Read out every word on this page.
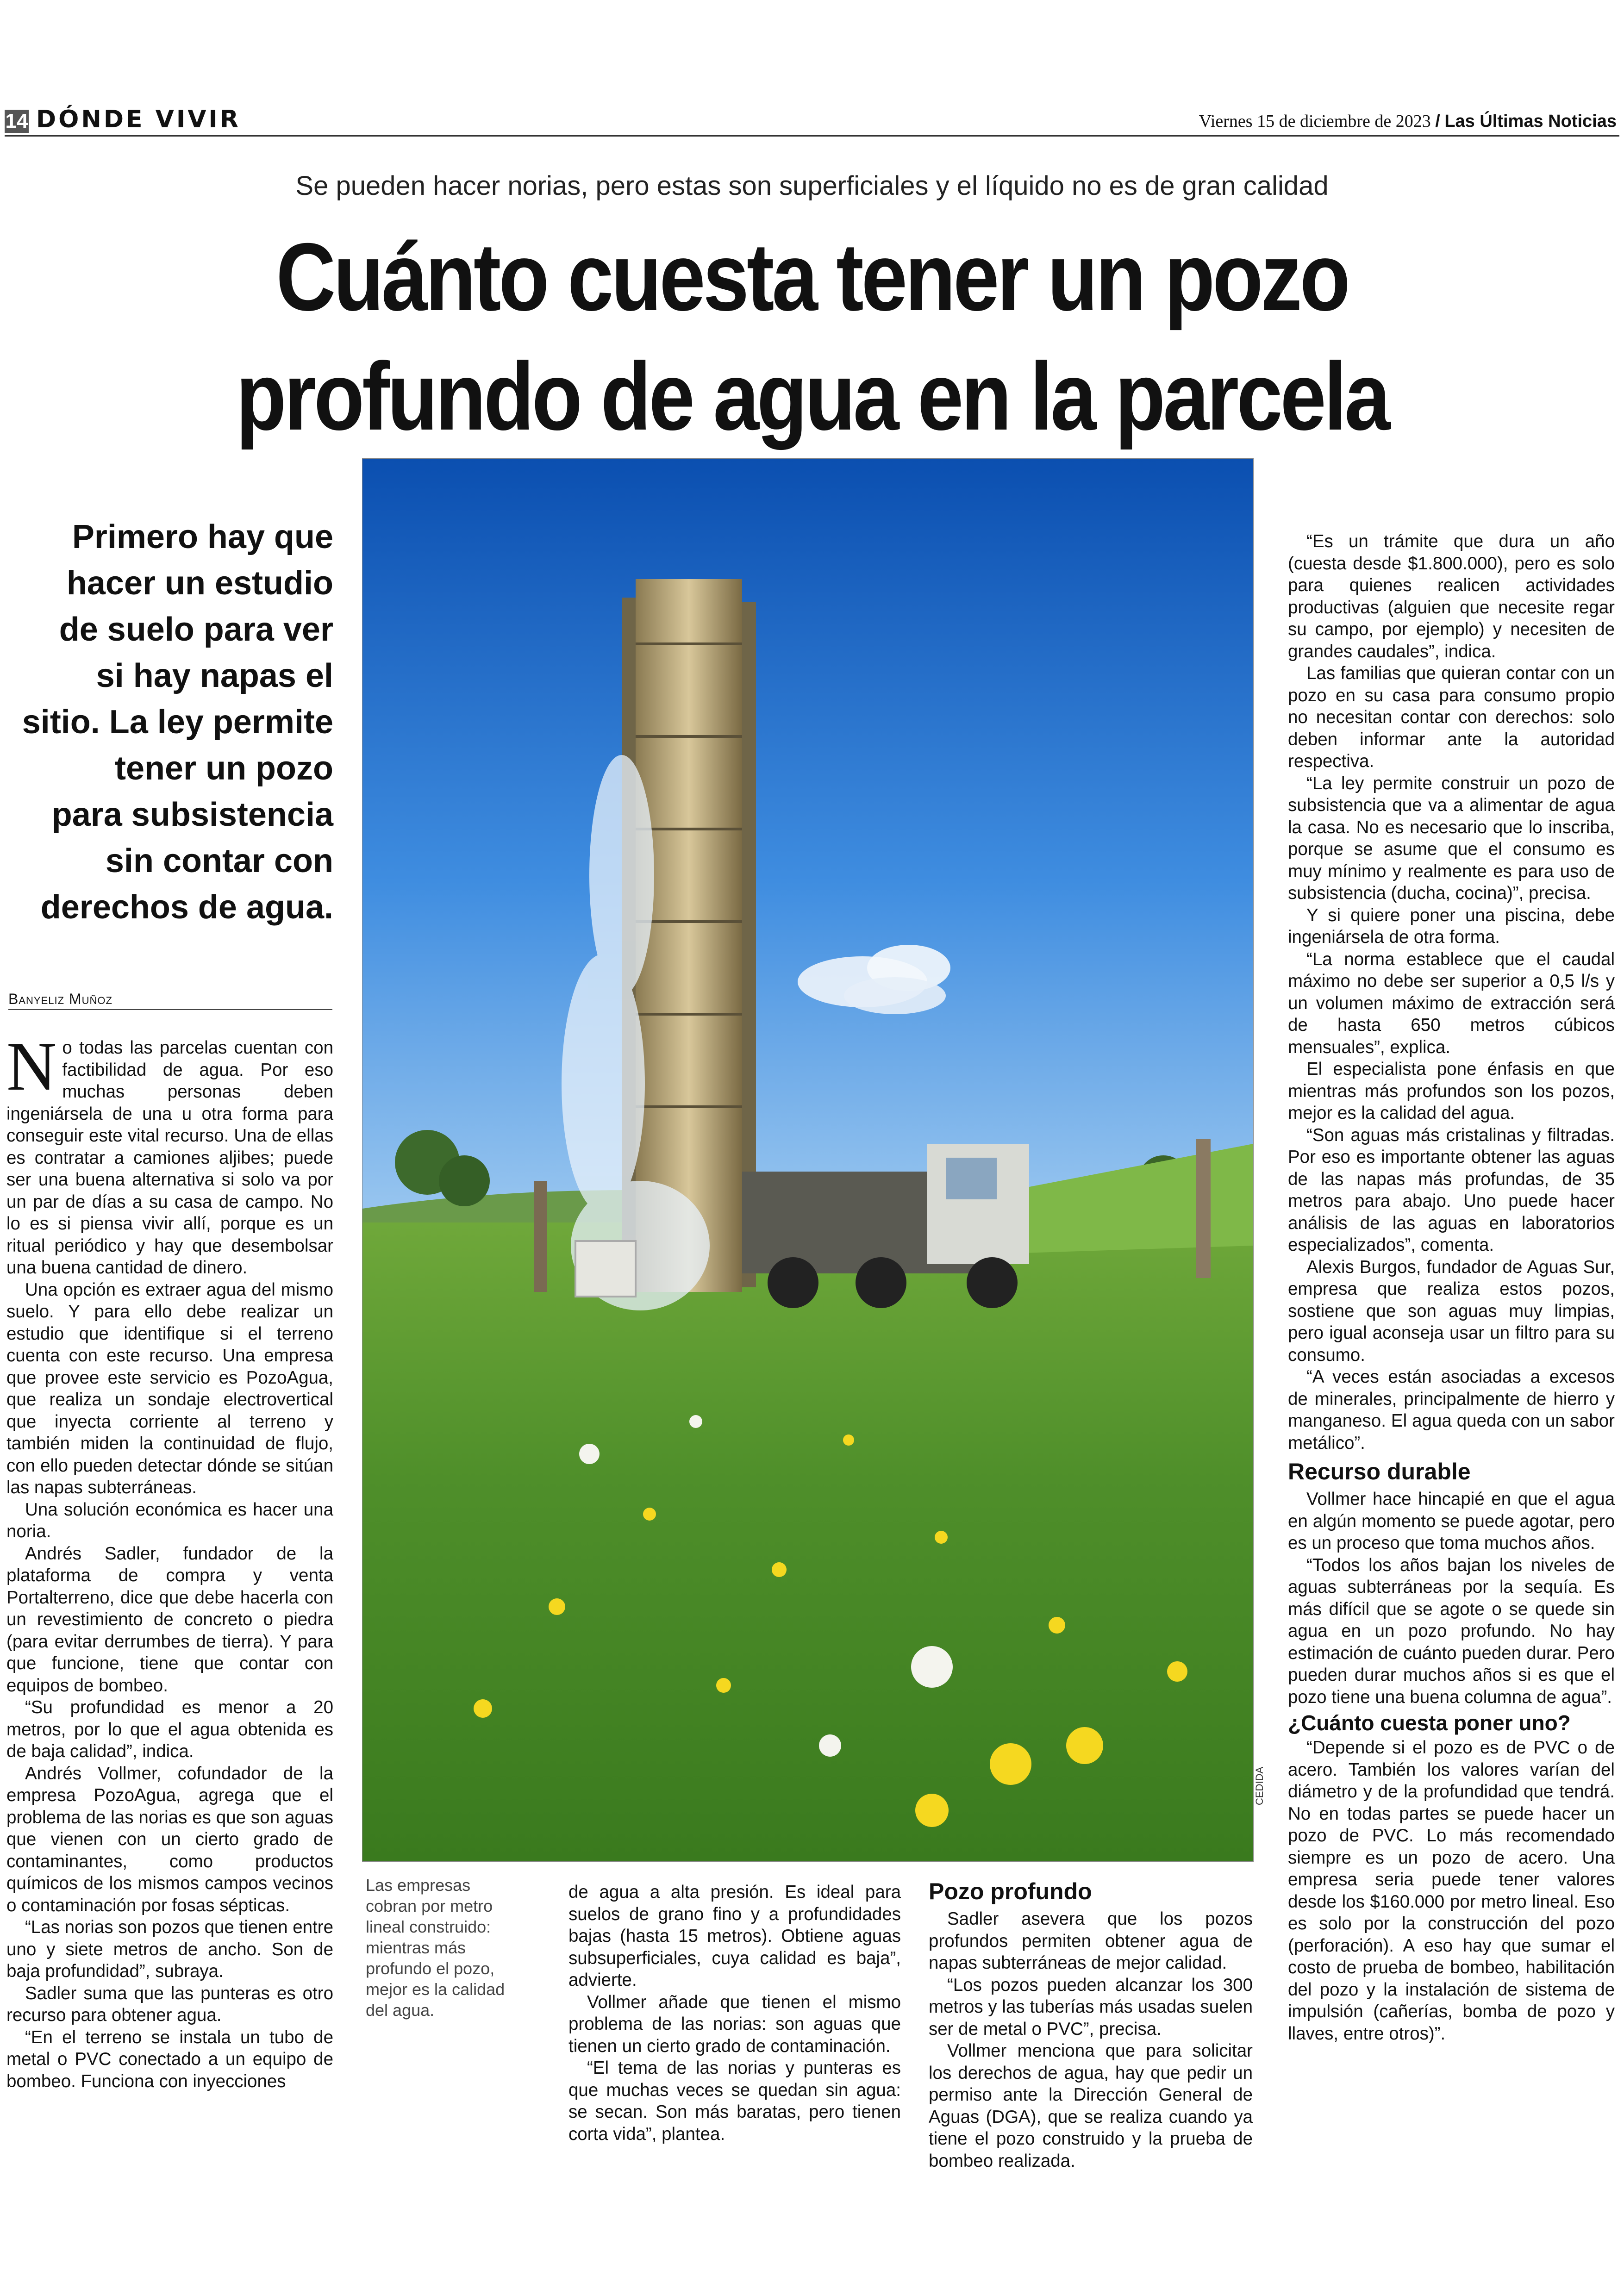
14 DÓNDE VIVIR	Viernes 15 de diciembre de 2023 / Las Últimas Noticias
Se pueden hacer norias, pero estas son superficiales y el líquido no es de gran calidad
Cuánto cuesta tener un pozo
profundo de agua en la parcela
Primero hay que
hacer un estudio
de suelo para ver
si hay napas el
sitio. La ley permite
tener un pozo
para subsistencia
sin contar con
derechos de agua.
Banyeliz Muñoz

No todas las parcelas cuentan con factibilidad de agua. Por eso muchas personas deben ingeniársela de una u otra forma para conseguir este vital recurso. Una de ellas es contratar a camiones aljibes; puede ser una buena alternativa si solo va por un par de días a su casa de campo. No lo es si piensa vivir allí, porque es un ritual periódico y hay que desembolsar una buena cantidad de dinero.

Una opción es extraer agua del mismo suelo. Y para ello debe realizar un estudio que identifique si el terreno cuenta con este recurso. Una empresa que provee este servicio es PozoAgua, que realiza un sondaje electrovertical que inyecta corriente al terreno y también miden la continuidad de flujo, con ello pueden detectar dónde se sitúan las napas subterráneas.

Una solución económica es hacer una noria.

Andrés Sadler, fundador de la plataforma de compra y venta Portalterreno, dice que debe hacerla con un revestimiento de concreto o piedra (para evitar derrumbes de tierra). Y para que funcione, tiene que contar con equipos de bombeo.

“Su profundidad es menor a 20 metros, por lo que el agua obtenida es de baja calidad”, indica.

Andrés Vollmer, cofundador de la empresa PozoAgua, agrega que el problema de las norias es que son aguas que vienen con un cierto grado de contaminantes, como productos químicos de los mismos campos vecinos o contaminación por fosas sépticas.

“Las norias son pozos que tienen entre uno y siete metros de ancho. Son de baja profundidad”, subraya.

Sadler suma que las punteras es otro recurso para obtener agua.

“En el terreno se instala un tubo de metal o PVC conectado a un equipo de bombeo. Funciona con inyecciones

CEDIDA
Las empresas cobran por metro lineal construido: mientras más profundo el pozo, mejor es la calidad del agua.

de agua a alta presión. Es ideal para suelos de grano fino y a profundidades bajas (hasta 15 metros). Obtiene aguas subsuperficiales, cuya calidad es baja”, advierte.

Vollmer añade que tienen el mismo problema de las norias: son aguas que tienen un cierto grado de contaminación.

“El tema de las norias y punteras es que muchas veces se quedan sin agua: se secan. Son más baratas, pero tienen corta vida”, plantea.

Pozo profundo

Sadler asevera que los pozos profundos permiten obtener agua de napas subterráneas de mejor calidad.

“Los pozos pueden alcanzar los 300 metros y las tuberías más usadas suelen ser de metal o PVC”, precisa.

Vollmer menciona que para solicitar los derechos de agua, hay que pedir un permiso ante la Dirección General de Aguas (DGA), que se realiza cuando ya tiene el pozo construido y la prueba de bombeo realizada.

“Es un trámite que dura un año (cuesta desde $1.800.000), pero es solo para quienes realicen actividades productivas (alguien que necesite regar su campo, por ejemplo) y necesiten de grandes caudales”, indica.

Las familias que quieran contar con un pozo en su casa para consumo propio no necesitan contar con derechos: solo deben informar ante la autoridad respectiva.

“La ley permite construir un pozo de subsistencia que va a alimentar de agua la casa. No es necesario que lo inscriba, porque se asume que el consumo es muy mínimo y realmente es para uso de subsistencia (ducha, cocina)”, precisa.

Y si quiere poner una piscina, debe ingeniársela de otra forma.

“La norma establece que el caudal máximo no debe ser superior a 0,5 l/s y un volumen máximo de extracción será de hasta 650 metros cúbicos mensuales”, explica.

El especialista pone énfasis en que mientras más profundos son los pozos, mejor es la calidad del agua.

“Son aguas más cristalinas y filtradas. Por eso es importante obtener las aguas de las napas más profundas, de 35 metros para abajo. Uno puede hacer análisis de las aguas en laboratorios especializados”, comenta.

Alexis Burgos, fundador de Aguas Sur, empresa que realiza estos pozos, sostiene que son aguas muy limpias, pero igual aconseja usar un filtro para su consumo.

“A veces están asociadas a excesos de minerales, principalmente de hierro y manganeso. El agua queda con un sabor metálico”.

Recurso durable

Vollmer hace hincapié en que el agua en algún momento se puede agotar, pero es un proceso que toma muchos años.

“Todos los años bajan los niveles de aguas subterráneas por la sequía. Es más difícil que se agote o se quede sin agua en un pozo profundo. No hay estimación de cuánto pueden durar. Pero pueden durar muchos años si es que el pozo tiene una buena columna de agua”.

¿Cuánto cuesta poner uno?

“Depende si el pozo es de PVC o de acero. También los valores varían del diámetro y de la profundidad que tendrá. No en todas partes se puede hacer un pozo de PVC. Lo más recomendado siempre es un pozo de acero. Una empresa seria puede tener valores desde los $160.000 por metro lineal. Eso es solo por la construcción del pozo (perforación). A eso hay que sumar el costo de prueba de bombeo, habilitación del pozo y la instalación de sistema de impulsión (cañerías, bomba de pozo y llaves, entre otros)”.
